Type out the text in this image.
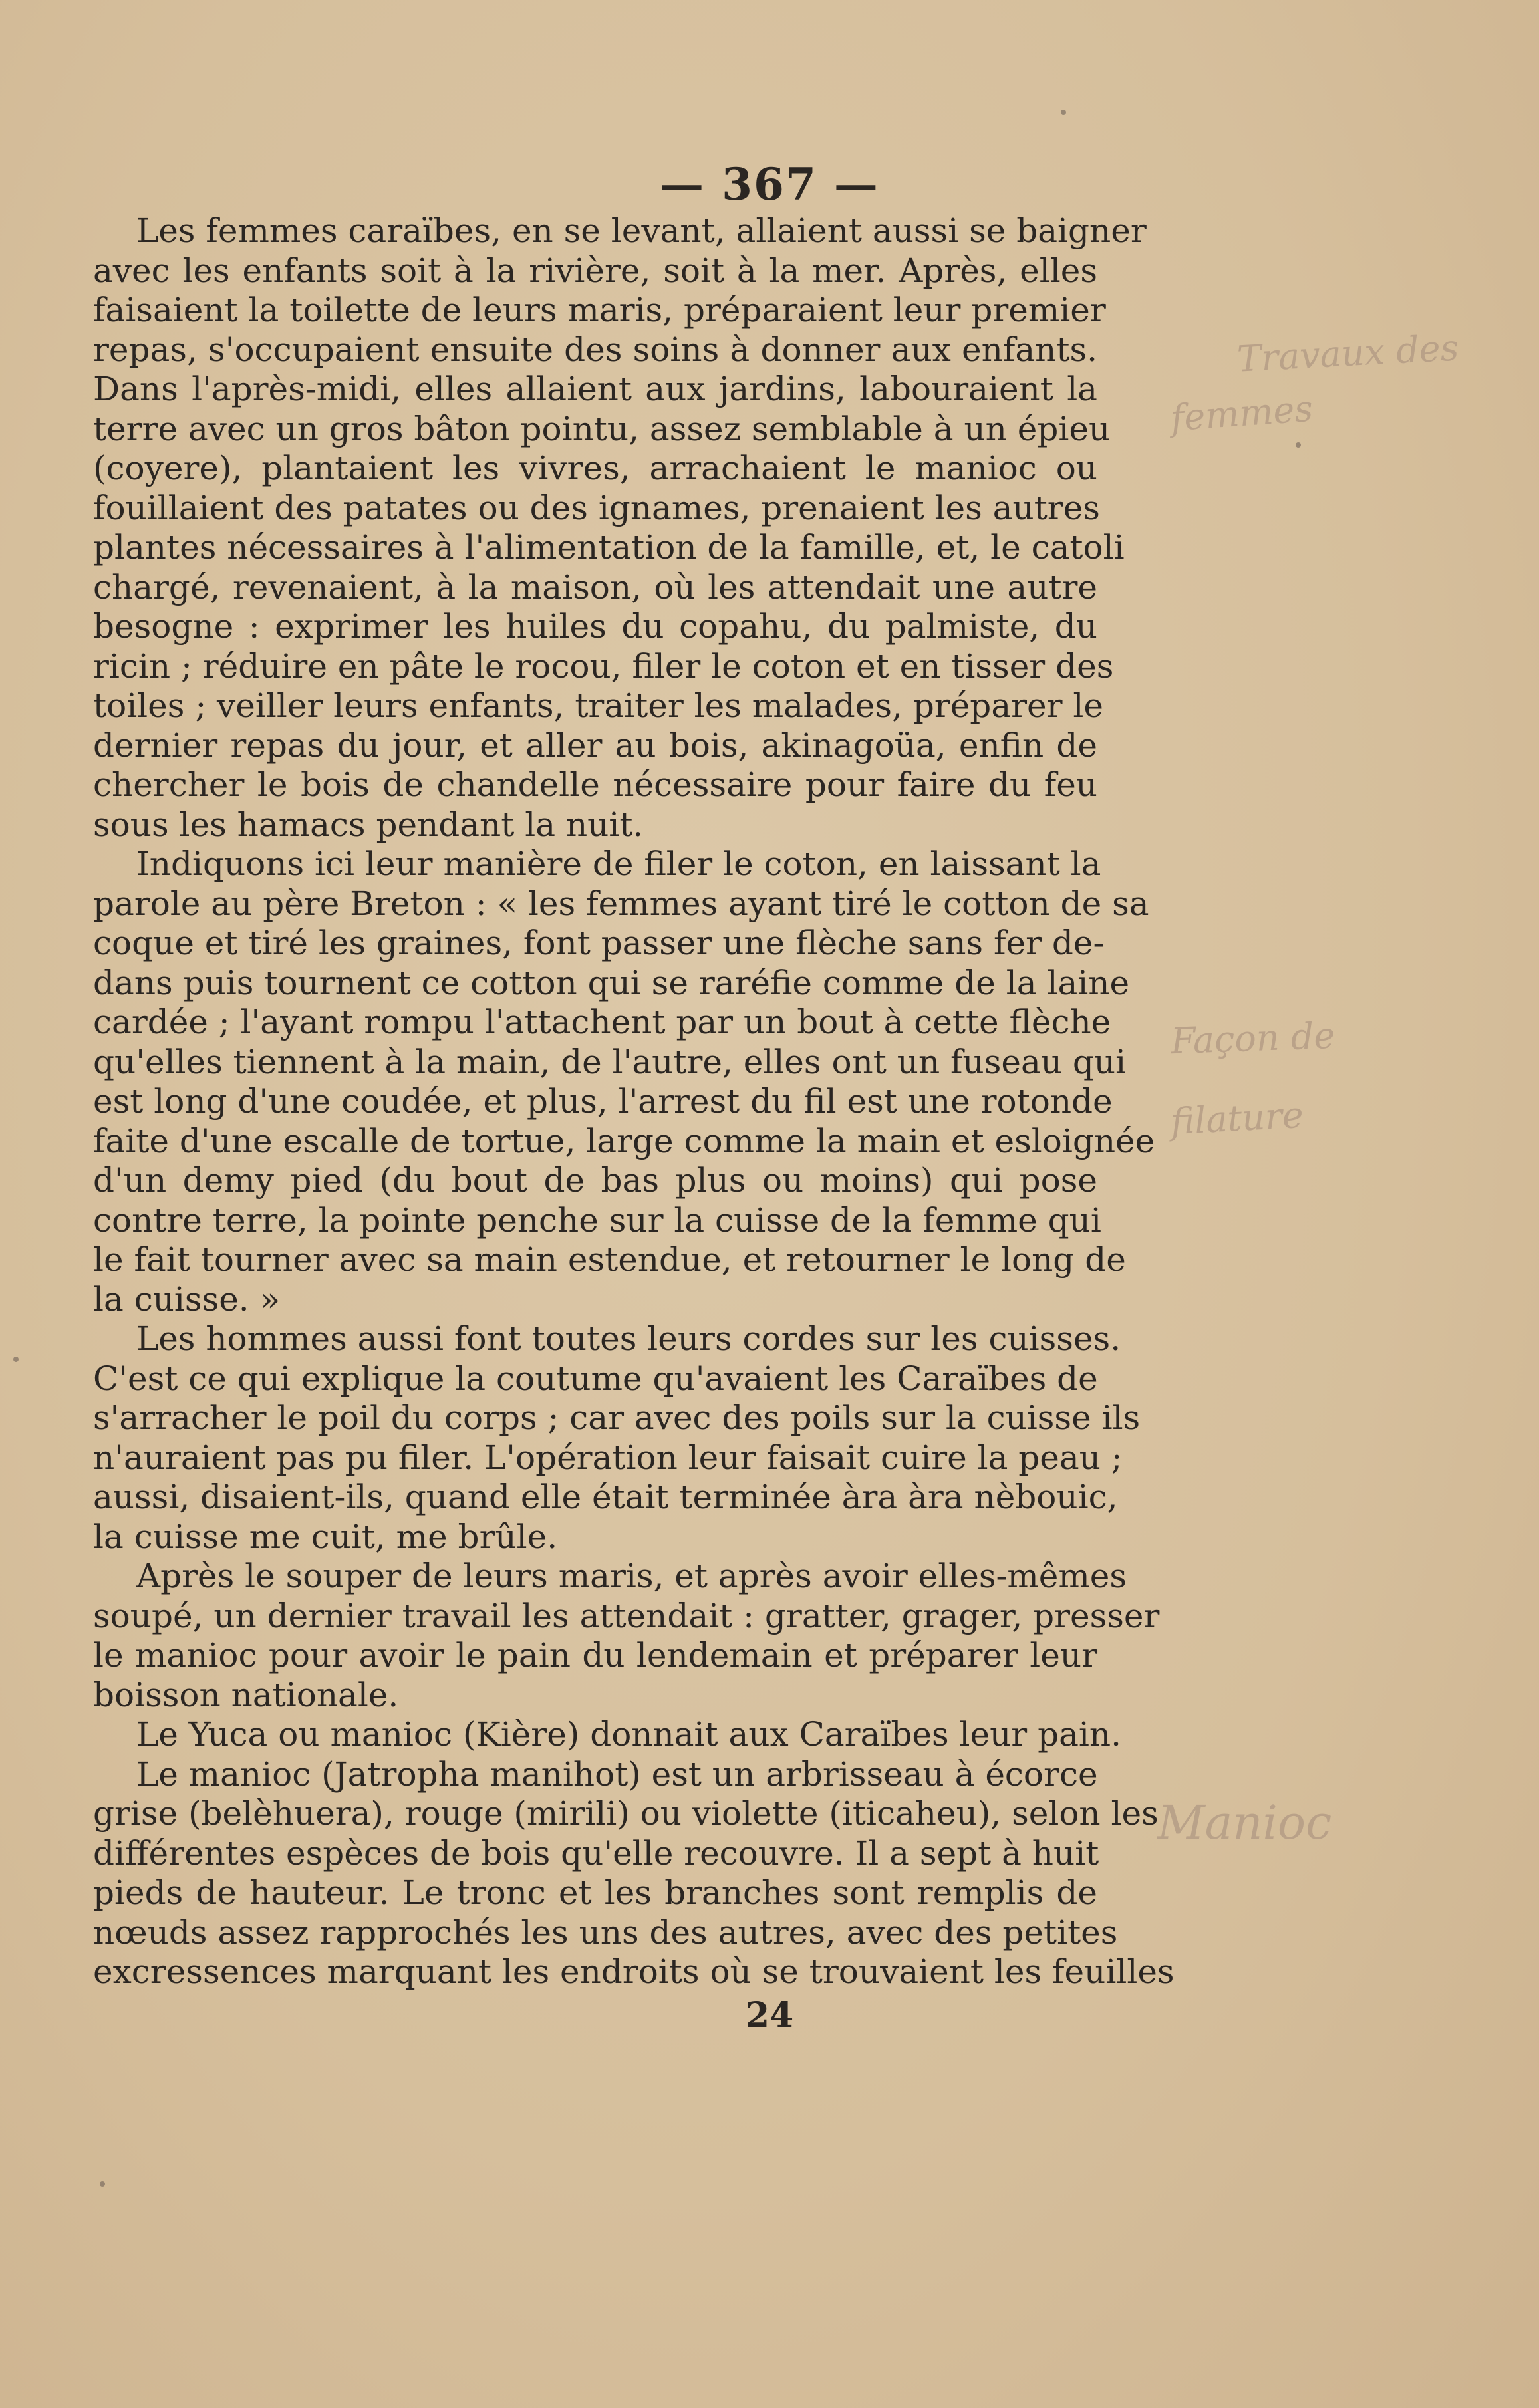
— 367 —
Les femmes caraïbes, en se levant, allaient aussi se baigner
avec les enfants soit à la rivière, soit à la mer. Après, elles
faisaient la toilette de leurs maris, préparaient leur premier
repas, s'occupaient ensuite des soins à donner aux enfants.
Dans l'après-midi, elles allaient aux jardins, labouraient la
terre avec un gros bâton pointu, assez semblable à un épieu
(coyere), plantaient les vivres, arrachaient le manioc ou
fouillaient des patates ou des ignames, prenaient les autres
plantes nécessaires à l'alimentation de la famille, et, le catoli
chargé, revenaient, à la maison, où les attendait une autre
besogne : exprimer les huiles du copahu, du palmiste, du
ricin ; réduire en pâte le rocou, filer le coton et en tisser des
toiles ; veiller leurs enfants, traiter les malades, préparer le
dernier repas du jour, et aller au bois, akinagoüa, enfin de
chercher le bois de chandelle nécessaire pour faire du feu
sous les hamacs pendant la nuit.
Indiquons ici leur manière de filer le coton, en laissant la
parole au père Breton : « les femmes ayant tiré le cotton de sa
coque et tiré les graines, font passer une flèche sans fer de-
dans puis tournent ce cotton qui se raréfie comme de la laine
cardée ; l'ayant rompu l'attachent par un bout à cette flèche
qu'elles tiennent à la main, de l'autre, elles ont un fuseau qui
est long d'une coudée, et plus, l'arrest du fil est une rotonde
faite d'une escalle de tortue, large comme la main et esloignée
d'un demy pied (du bout de bas plus ou moins) qui pose
contre terre, la pointe penche sur la cuisse de la femme qui
le fait tourner avec sa main estendue, et retourner le long de
la cuisse. »
Les hommes aussi font toutes leurs cordes sur les cuisses.
C'est ce qui explique la coutume qu'avaient les Caraïbes de
s'arracher le poil du corps ; car avec des poils sur la cuisse ils
n'auraient pas pu filer. L'opération leur faisait cuire la peau ;
aussi, disaient-ils, quand elle était terminée àra àra nèbouic,
la cuisse me cuit, me brûle.
Après le souper de leurs maris, et après avoir elles-mêmes
soupé, un dernier travail les attendait : gratter, grager, presser
le manioc pour avoir le pain du lendemain et préparer leur
boisson nationale.
Le Yuca ou manioc (Kière) donnait aux Caraïbes leur pain.
Le manioc (Jatropha manihot) est un arbrisseau à écorce
grise (belèhuera), rouge (mirili) ou violette (iticaheu), selon les
différentes espèces de bois qu'elle recouvre. Il a sept à huit
pieds de hauteur. Le tronc et les branches sont remplis de
nœuds assez rapprochés les uns des autres, avec des petites
excressences marquant les endroits où se trouvaient les feuilles
24
Travaux des
femmes
Façon de
filature
Manioc
